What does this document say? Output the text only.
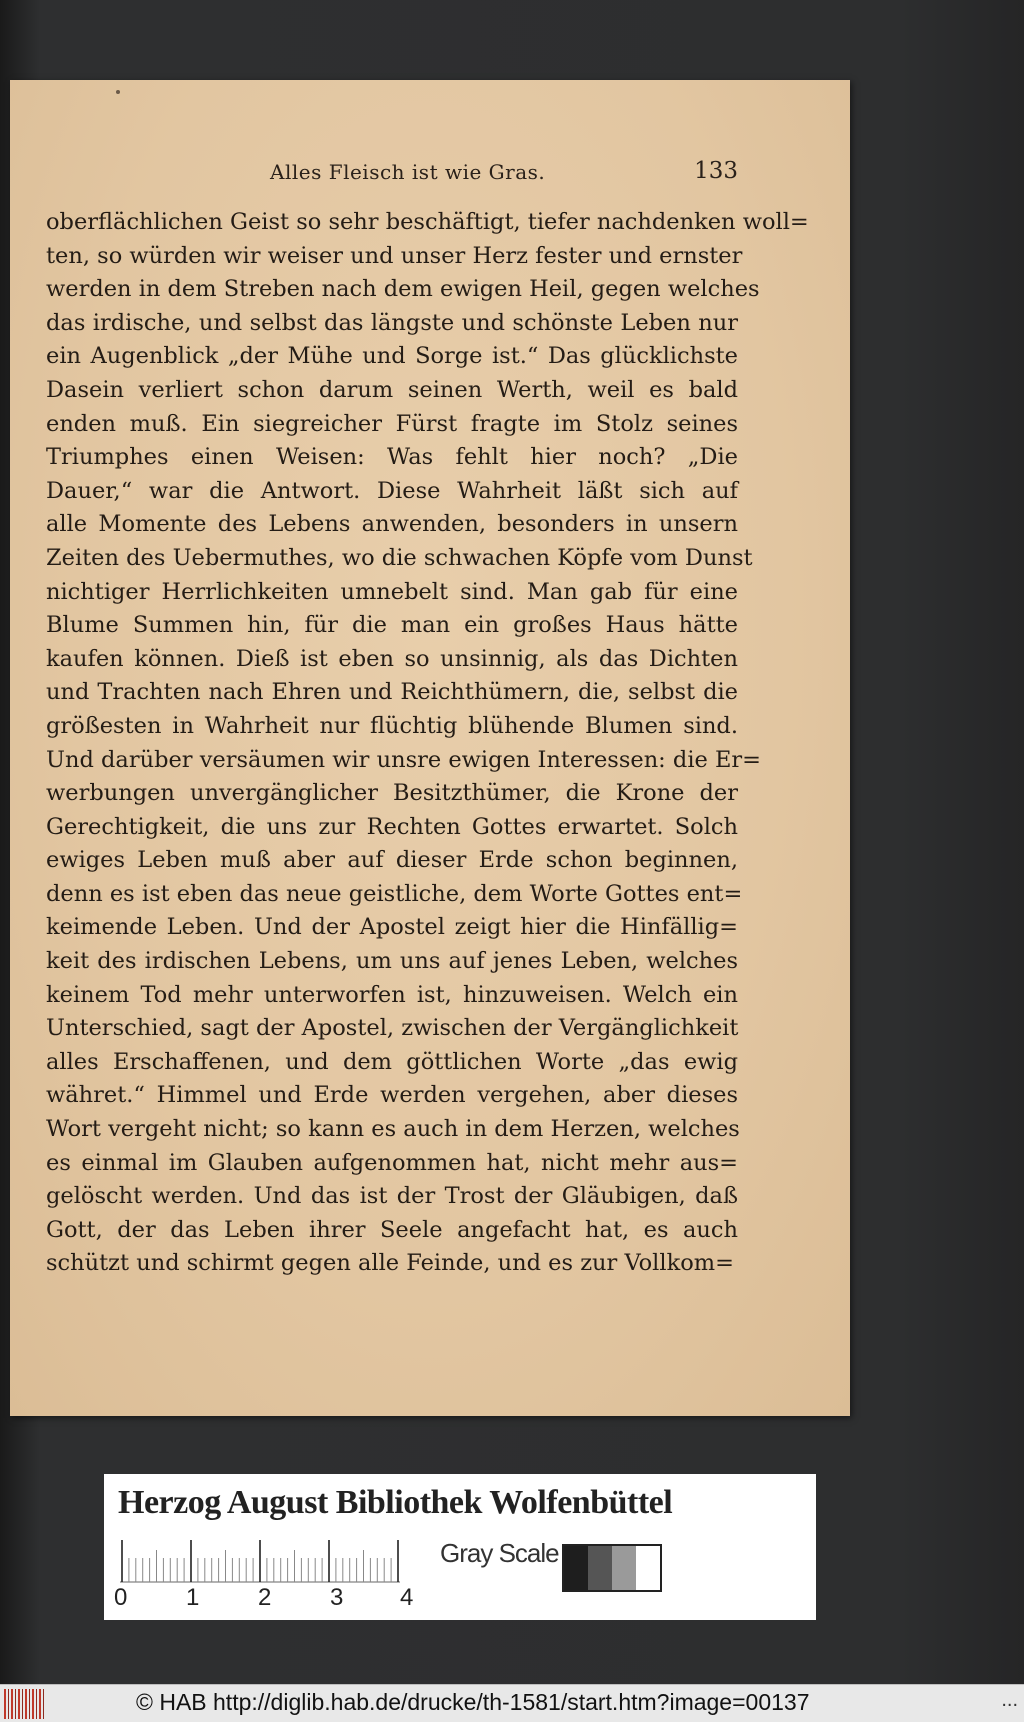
Alles Fleisch ist wie Gras.	133
oberflächlichen Geist so sehr beschäftigt, tiefer nachdenken woll=
ten, so würden wir weiser und unser Herz fester und ernster
werden in dem Streben nach dem ewigen Heil, gegen welches
das irdische, und selbst das längste und schönste Leben nur
ein Augenblick „der Mühe und Sorge ist.“ Das glücklichste
Dasein verliert schon darum seinen Werth, weil es bald
enden muß. Ein siegreicher Fürst fragte im Stolz seines
Triumphes einen Weisen: Was fehlt hier noch? „Die
Dauer,“ war die Antwort. Diese Wahrheit läßt sich auf
alle Momente des Lebens anwenden, besonders in unsern
Zeiten des Uebermuthes, wo die schwachen Köpfe vom Dunst
nichtiger Herrlichkeiten umnebelt sind. Man gab für eine
Blume Summen hin, für die man ein großes Haus hätte
kaufen können. Dieß ist eben so unsinnig, als das Dichten
und Trachten nach Ehren und Reichthümern, die, selbst die
größesten in Wahrheit nur flüchtig blühende Blumen sind.
Und darüber versäumen wir unsre ewigen Interessen: die Er=
werbungen unvergänglicher Besitzthümer, die Krone der
Gerechtigkeit, die uns zur Rechten Gottes erwartet. Solch
ewiges Leben muß aber auf dieser Erde schon beginnen,
denn es ist eben das neue geistliche, dem Worte Gottes ent=
keimende Leben. Und der Apostel zeigt hier die Hinfällig=
keit des irdischen Lebens, um uns auf jenes Leben, welches
keinem Tod mehr unterworfen ist, hinzuweisen. Welch ein
Unterschied, sagt der Apostel, zwischen der Vergänglichkeit
alles Erschaffenen, und dem göttlichen Worte „das ewig
währet.“ Himmel und Erde werden vergehen, aber dieses
Wort vergeht nicht; so kann es auch in dem Herzen, welches
es einmal im Glauben aufgenommen hat, nicht mehr aus=
gelöscht werden. Und das ist der Trost der Gläubigen, daß
Gott, der das Leben ihrer Seele angefacht hat, es auch
schützt und schirmt gegen alle Feinde, und es zur Vollkom=
Herzog August Bibliothek Wolfenbüttel
0 1 2 3 4
Gray Scale
© HAB http://diglib.hab.de/drucke/th-1581/start.htm?image=00137	...
